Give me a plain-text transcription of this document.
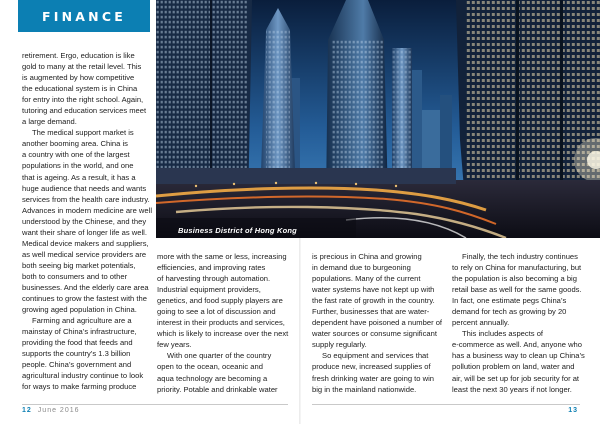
FINANCE
Business District of Hong Kong
retirement. Ergo, education is like
gold to many at the retail level. This
is augmented by how competitive
the educational system is in China
for entry into the right school. Again,
tutoring and education services meet
a large demand.
The medical support market is
another booming area. China is
a country with one of the largest
populations in the world, and one
that is ageing. As a result, it has a
huge audience that needs and wants
services from the health care industry.
Advances in modern medicine are well
understood by the Chinese, and they
want their share of longer life as well.
Medical device makers and suppliers,
as well medical service providers are
both seeing big market potentials,
both to consumers and to other
businesses. And the elderly care area
continues to grow the fastest with the
growing aged population in China.
Farming and agriculture are a
mainstay of China’s infrastructure,
providing the food that feeds and
supports the country’s 1.3 billion
people. China’s government and
agricultural industry continue to look
for ways to make farming produce
more with the same or less, increasing
efficiencies, and improving rates
of harvesting through automation.
Industrial equipment providers,
genetics, and food supply players are
going to see a lot of discussion and
interest in their products and services,
which is likely to increase over the next
few years.
With one quarter of the country
open to the ocean, oceanic and
aqua technology are becoming a
priority. Potable and drinkable water
is precious in China and growing
in demand due to burgeoning
populations. Many of the current
water systems have not kept up with
the fast rate of growth in the country.
Further, businesses that are water-
dependent have poisoned a number of
water sources or consume significant
supply regularly.
So equipment and services that
produce new, increased supplies of
fresh drinking water are going to win
big in the mainland nationwide.
Finally, the tech industry continues
to rely on China for manufacturing, but
the population is also becoming a big
retail base as well for the same goods.
In fact, one estimate pegs China’s
demand for tech as growing by 20
percent annually.
This includes aspects of
e-commerce as well. And, anyone who
has a business way to clean up China’s
pollution problem on land, water and
air, will be set up for job security for at
least the next 30 years if not longer.
12 June 2016	13
